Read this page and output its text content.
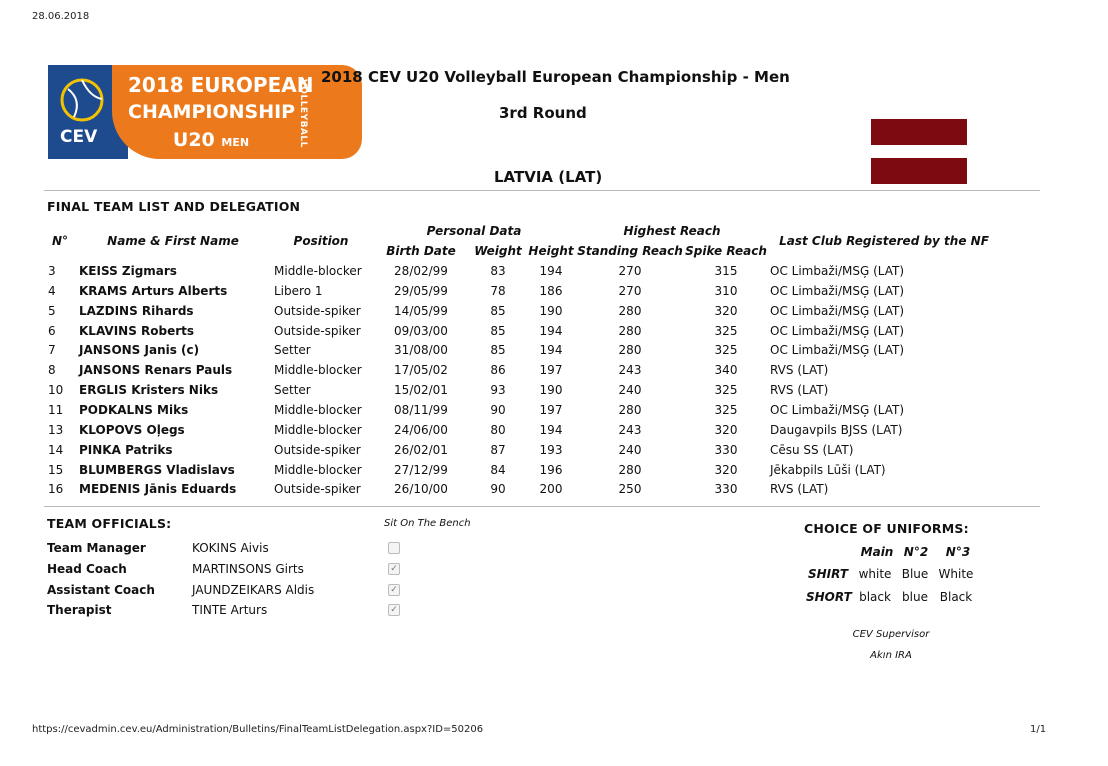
28.06.2018
CEV
2018 EUROPEAN
CHAMPIONSHIP
U20 MEN	VOLLEYBALL
2018 CEV U20 Volleyball European Championship - Men
3rd Round
LATVIA (LAT)
FINAL TEAM LIST AND DELEGATION
N°	Name & First Name	Position
Personal Data
Birth Date Weight Height
Highest Reach
Standing Reach Spike Reach
Last Club Registered by the NF
3 KEISS Zigmars	Middle-blocker	28/02/99	83	194	270	315	OC Limbaži/MSĢ (LAT)
4 KRAMS Arturs Alberts	Libero 1	29/05/99	78	186	270	310	OC Limbaži/MSĢ (LAT)
5 LAZDINS Rihards	Outside-spiker	14/05/99	85	190	280	320	OC Limbaži/MSĢ (LAT)
6 KLAVINS Roberts	Outside-spiker	09/03/00	85	194	280	325	OC Limbaži/MSĢ (LAT)
7 JANSONS Janis (c)	Setter	31/08/00	85	194	280	325	OC Limbaži/MSĢ (LAT)
8 JANSONS Renars Pauls	Middle-blocker	17/05/02	86	197	243	340	RVS (LAT)
10 ERGLIS Kristers Niks	Setter	15/02/01	93	190	240	325	RVS (LAT)
11 PODKALNS Miks	Middle-blocker	08/11/99	90	197	280	325	OC Limbaži/MSĢ (LAT)
13 KLOPOVS Oļegs	Middle-blocker	24/06/00	80	194	243	320	Daugavpils BJSS (LAT)
14 PINKA Patriks	Outside-spiker	26/02/01	87	193	240	330	Cēsu SS (LAT)
15 BLUMBERGS Vladislavs	Middle-blocker	27/12/99	84	196	280	320	Jēkabpils Lūši (LAT)
16 MEDENIS Jānis Eduards	Outside-spiker	26/10/00	90	200	250	330	RVS (LAT)
TEAM OFFICIALS:	Sit On The Bench
Team Manager	KOKINS Aivis
Head Coach	MARTINSONS Girts	✓
Assistant Coach	JAUNDZEIKARS Aldis	✓
Therapist	TINTE Arturs	✓
CHOICE OF UNIFORMS:
Main N°2 N°3
SHIRT white Blue White
SHORT black blue Black
CEV Supervisor
Akın IRA
https://cevadmin.cev.eu/Administration/Bulletins/FinalTeamListDelegation.aspx?ID=50206	1/1
